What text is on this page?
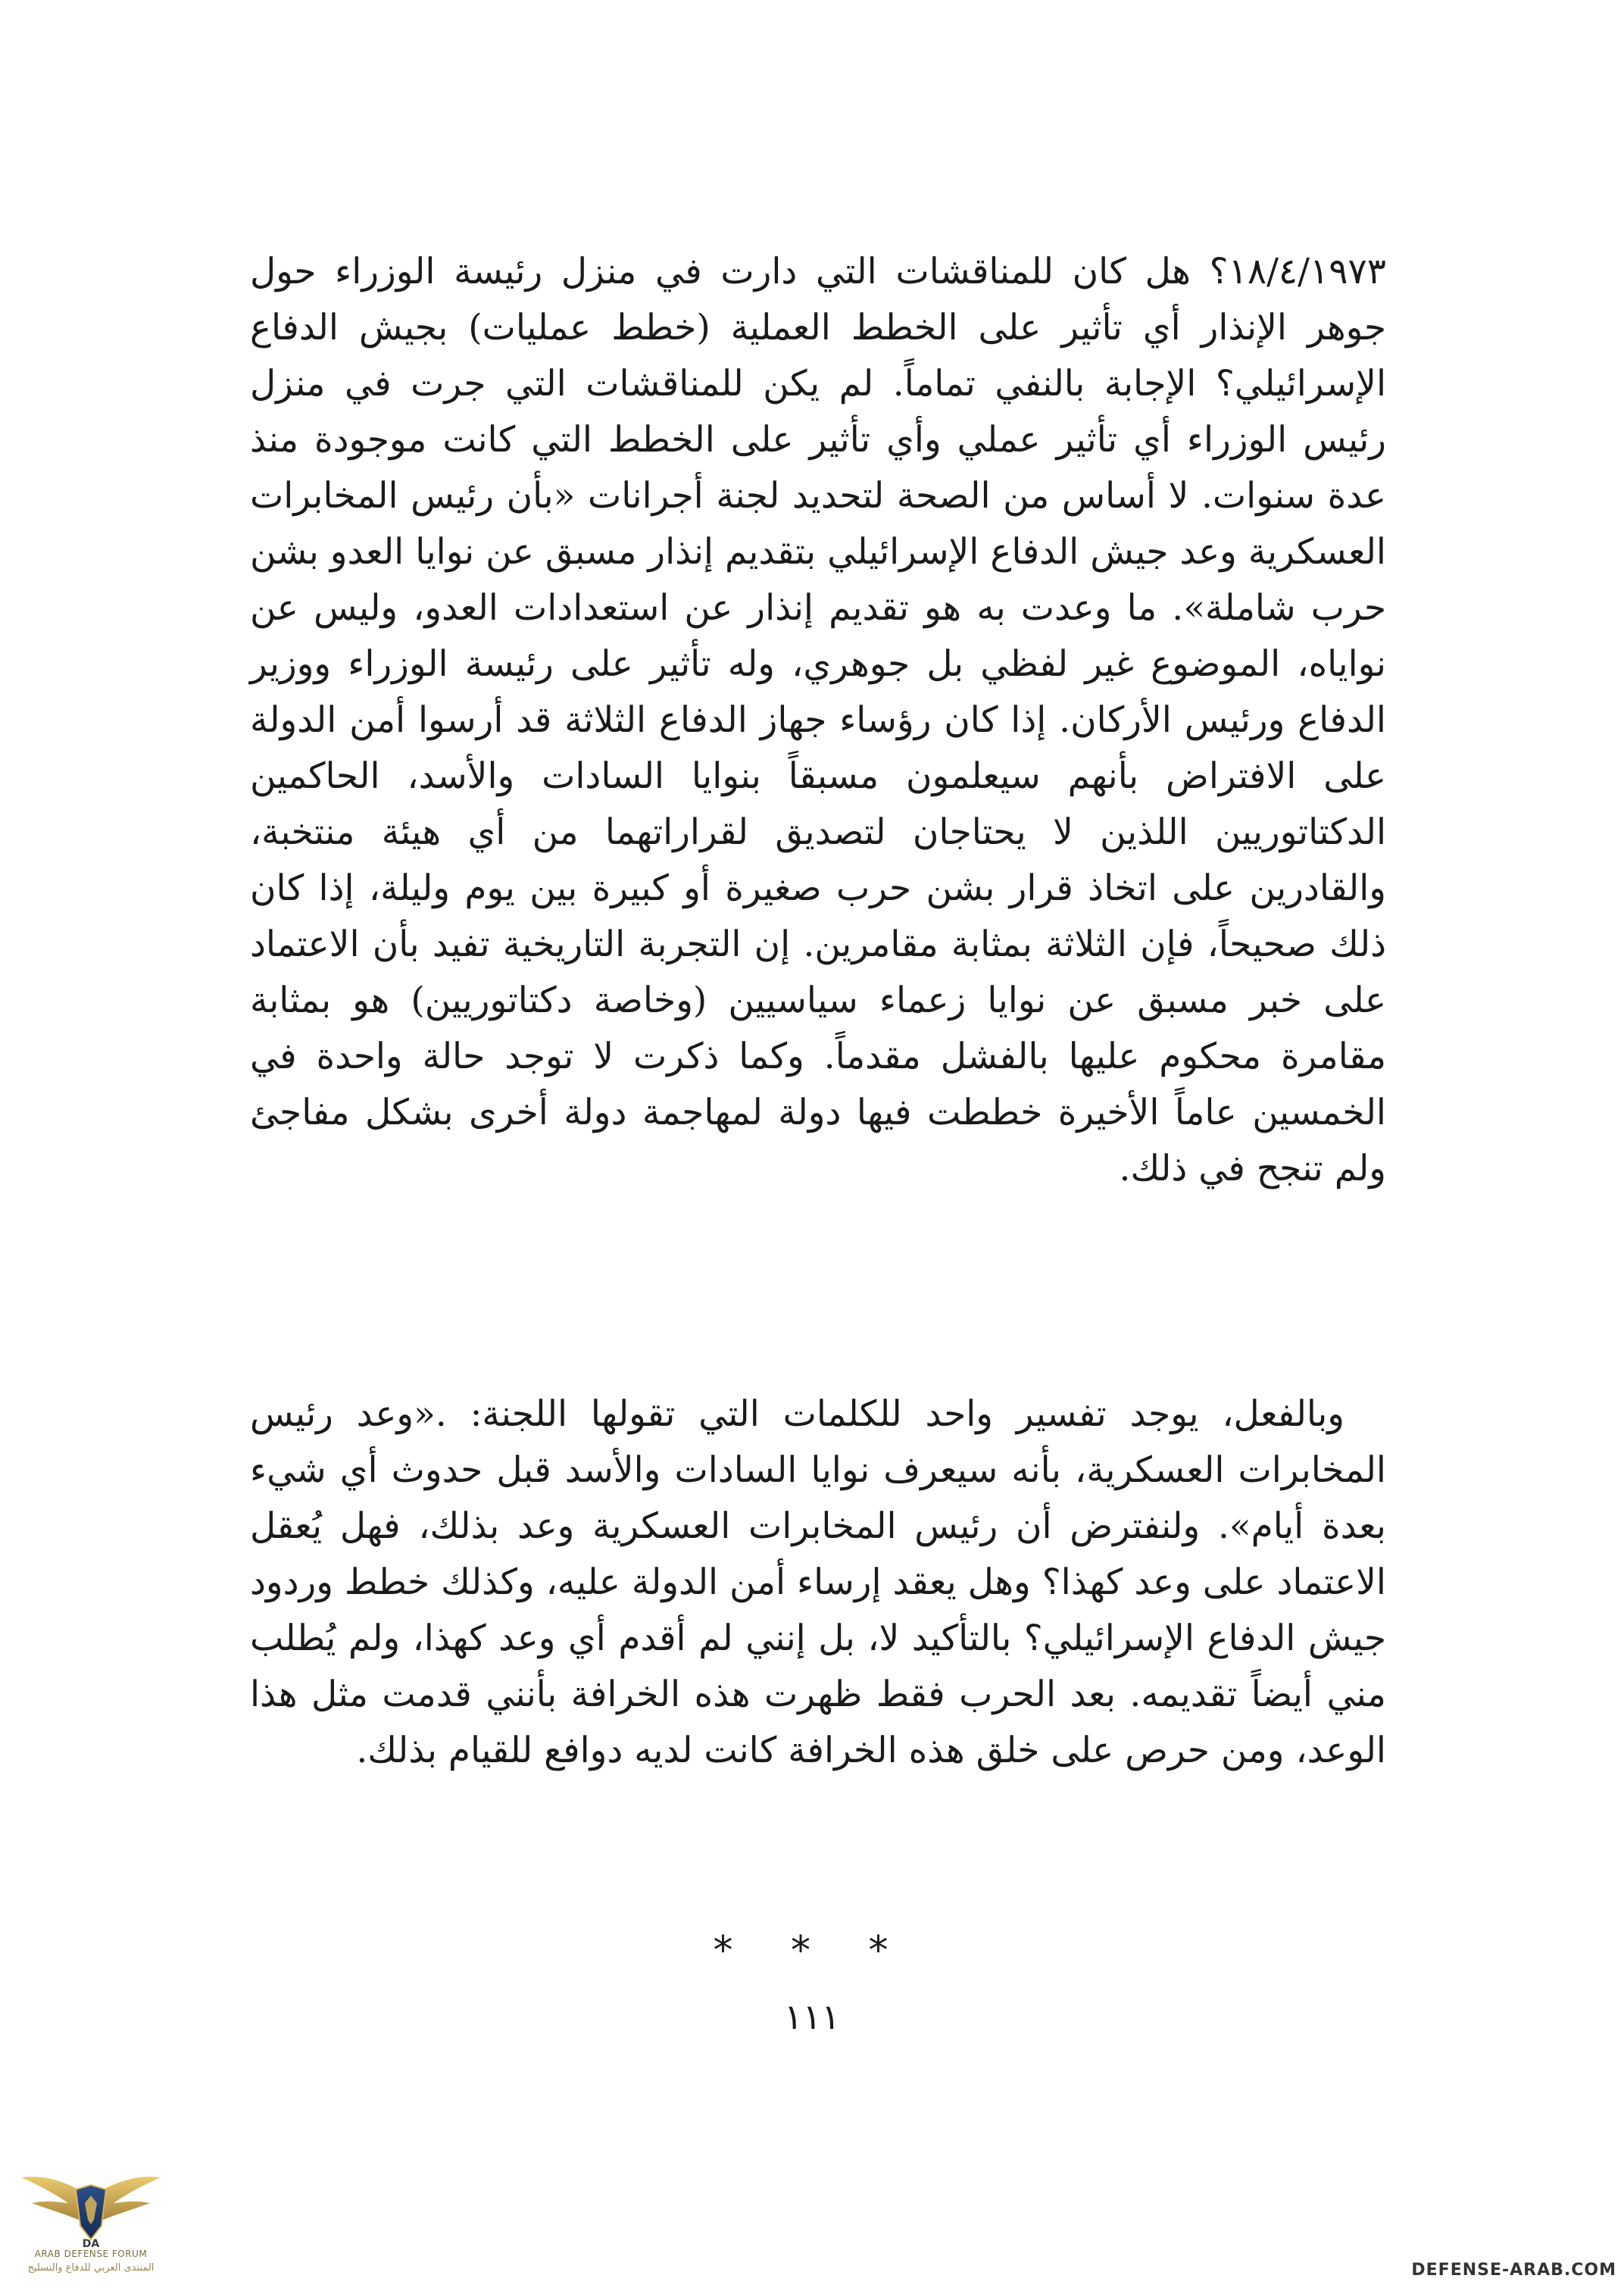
١٨/٤/١٩٧٣؟ هل كان للمناقشات التي دارت في منزل رئيسة الوزراء حول جوهر الإنذار أي تأثير على الخطط العملية (خطط عمليات) بجيش الدفاع الإسرائيلي؟ الإجابة بالنفي تماماً. لم يكن للمناقشات التي جرت في منزل رئيس الوزراء أي تأثير عملي وأي تأثير على الخطط التي كانت موجودة منذ عدة سنوات. لا أساس من الصحة لتحديد لجنة أجرانات «بأن رئيس المخابرات العسكرية وعد جيش الدفاع الإسرائيلي بتقديم إنذار مسبق عن نوايا العدو بشن حرب شاملة». ما وعدت به هو تقديم إنذار عن استعدادات العدو، وليس عن نواياه، الموضوع غير لفظي بل جوهري، وله تأثير على رئيسة الوزراء ووزير الدفاع ورئيس الأركان. إذا كان رؤساء جهاز الدفاع الثلاثة قد أرسوا أمن الدولة على الافتراض بأنهم سيعلمون مسبقاً بنوايا السادات والأسد، الحاكمين الدكتاتوريين اللذين لا يحتاجان لتصديق لقراراتهما من أي هيئة منتخبة، والقادرين على اتخاذ قرار بشن حرب صغيرة أو كبيرة بين يوم وليلة، إذا كان ذلك صحيحاً، فإن الثلاثة بمثابة مقامرين. إن التجربة التاريخية تفيد بأن الاعتماد على خبر مسبق عن نوايا زعماء سياسيين (وخاصة دكتاتوريين) هو بمثابة مقامرة محكوم عليها بالفشل مقدماً. وكما ذكرت لا توجد حالة واحدة في الخمسين عاماً الأخيرة خططت فيها دولة لمهاجمة دولة أخرى بشكل مفاجئ ولم تنجح في ذلك.

وبالفعل، يوجد تفسير واحد للكلمات التي تقولها اللجنة: .«وعد رئيس المخابرات العسكرية، بأنه سيعرف نوايا السادات والأسد قبل حدوث أي شيء بعدة أيام». ولنفترض أن رئيس المخابرات العسكرية وعد بذلك، فهل يُعقل الاعتماد على وعد كهذا؟ وهل يعقد إرساء أمن الدولة عليه، وكذلك خطط وردود جيش الدفاع الإسرائيلي؟ بالتأكيد لا، بل إنني لم أقدم أي وعد كهذا، ولم يُطلب مني أيضاً تقديمه. بعد الحرب فقط ظهرت هذه الخرافة بأنني قدمت مثل هذا الوعد، ومن حرص على خلق هذه الخرافة كانت لديه دوافع للقيام بذلك.

* * *
١١١
DA
ARAB DEFENSE FORUM
المنتدى العربي للدفاع والتسليح	DEFENSE-ARAB.COM
